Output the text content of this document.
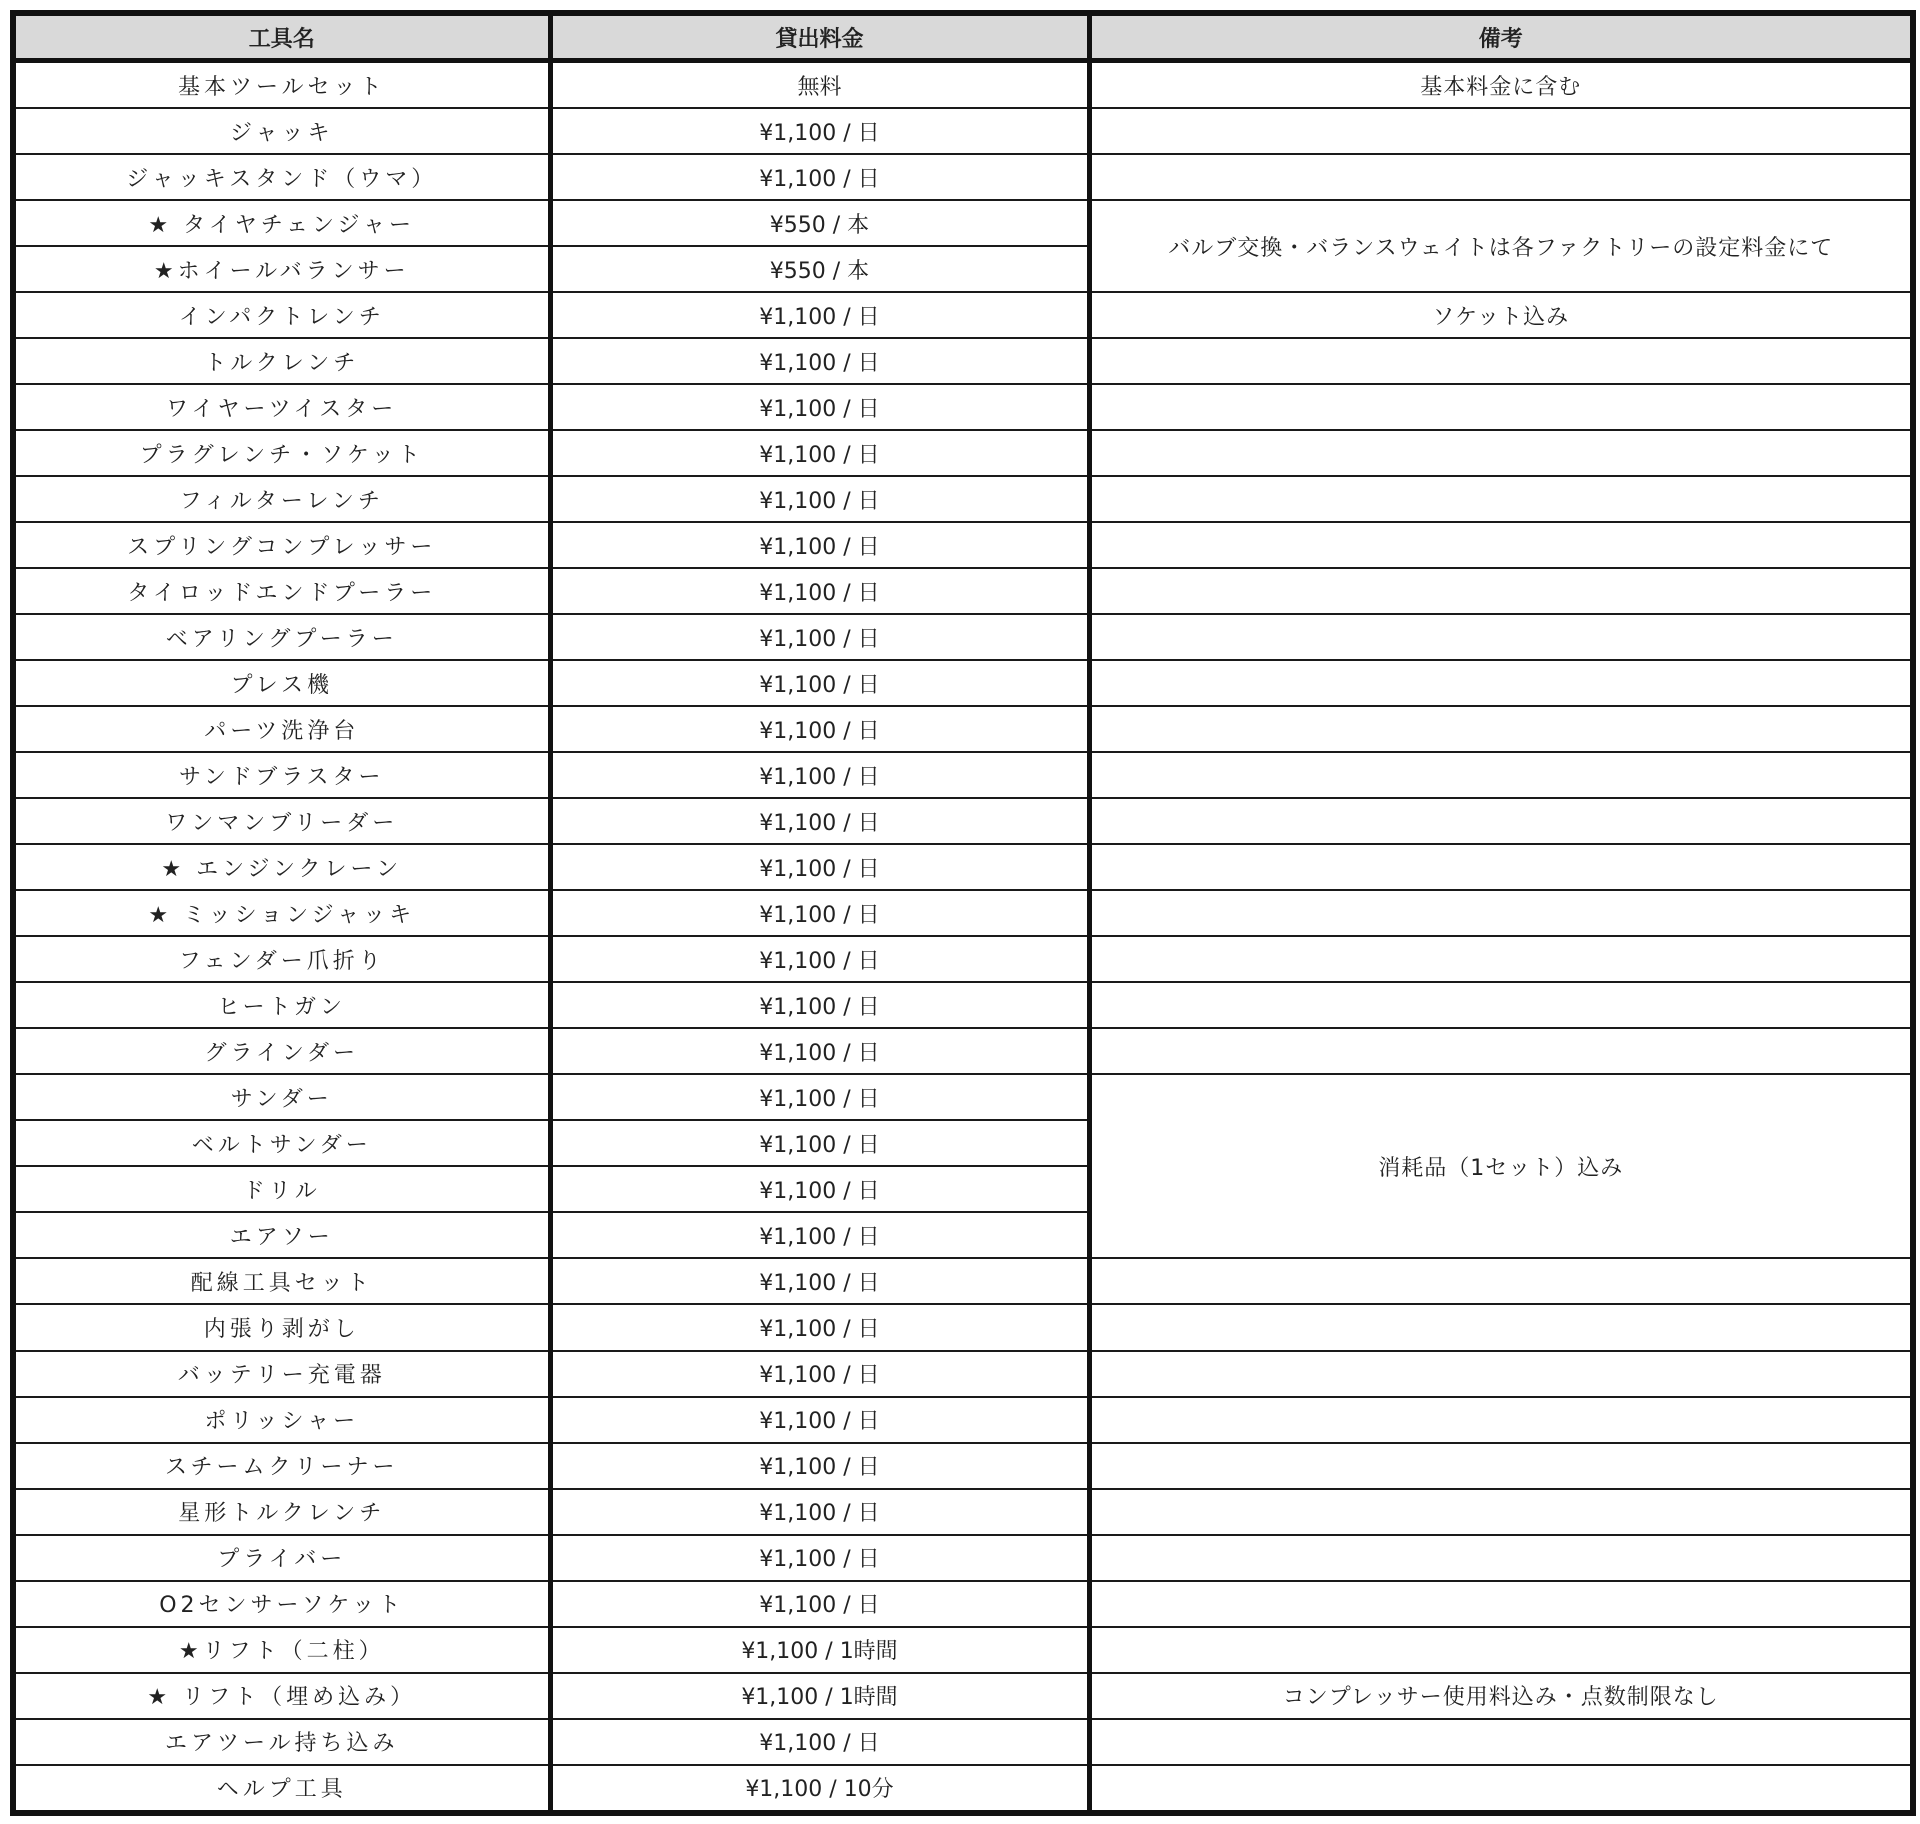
工具名	貸出料金	備考
基本ツールセット	無料	基本料金に含む
ジャッキ	¥1,100 / 日	
ジャッキスタンド（ウマ）	¥1,100 / 日	
★ タイヤチェンジャー	¥550 / 本	バルブ交換・バランスウェイトは各ファクトリーの設定料金にて
★ホイールバランサー	¥550 / 本	
インパクトレンチ	¥1,100 / 日	ソケット込み
トルクレンチ	¥1,100 / 日	
ワイヤーツイスター	¥1,100 / 日	
プラグレンチ・ソケット	¥1,100 / 日	
フィルターレンチ	¥1,100 / 日	
スプリングコンプレッサー	¥1,100 / 日	
タイロッドエンドプーラー	¥1,100 / 日	
ベアリングプーラー	¥1,100 / 日	
プレス機	¥1,100 / 日	
パーツ洗浄台	¥1,100 / 日	
サンドブラスター	¥1,100 / 日	
ワンマンブリーダー	¥1,100 / 日	
★ エンジンクレーン	¥1,100 / 日	
★ ミッションジャッキ	¥1,100 / 日	
フェンダー爪折り	¥1,100 / 日	
ヒートガン	¥1,100 / 日	
グラインダー	¥1,100 / 日	
サンダー	¥1,100 / 日	消耗品（1セット）込み
ベルトサンダー	¥1,100 / 日	
ドリル	¥1,100 / 日	
エアソー	¥1,100 / 日	
配線工具セット	¥1,100 / 日	
内張り剥がし	¥1,100 / 日	
バッテリー充電器	¥1,100 / 日	
ポリッシャー	¥1,100 / 日	
スチームクリーナー	¥1,100 / 日	
星形トルクレンチ	¥1,100 / 日	
プライバー	¥1,100 / 日	
O2センサーソケット	¥1,100 / 日	
★リフト（二柱）	¥1,100 / 1時間	
★ リフト（埋め込み）	¥1,100 / 1時間	コンプレッサー使用料込み・点数制限なし
エアツール持ち込み	¥1,100 / 日	
ヘルプ工具	¥1,100 / 10分	
